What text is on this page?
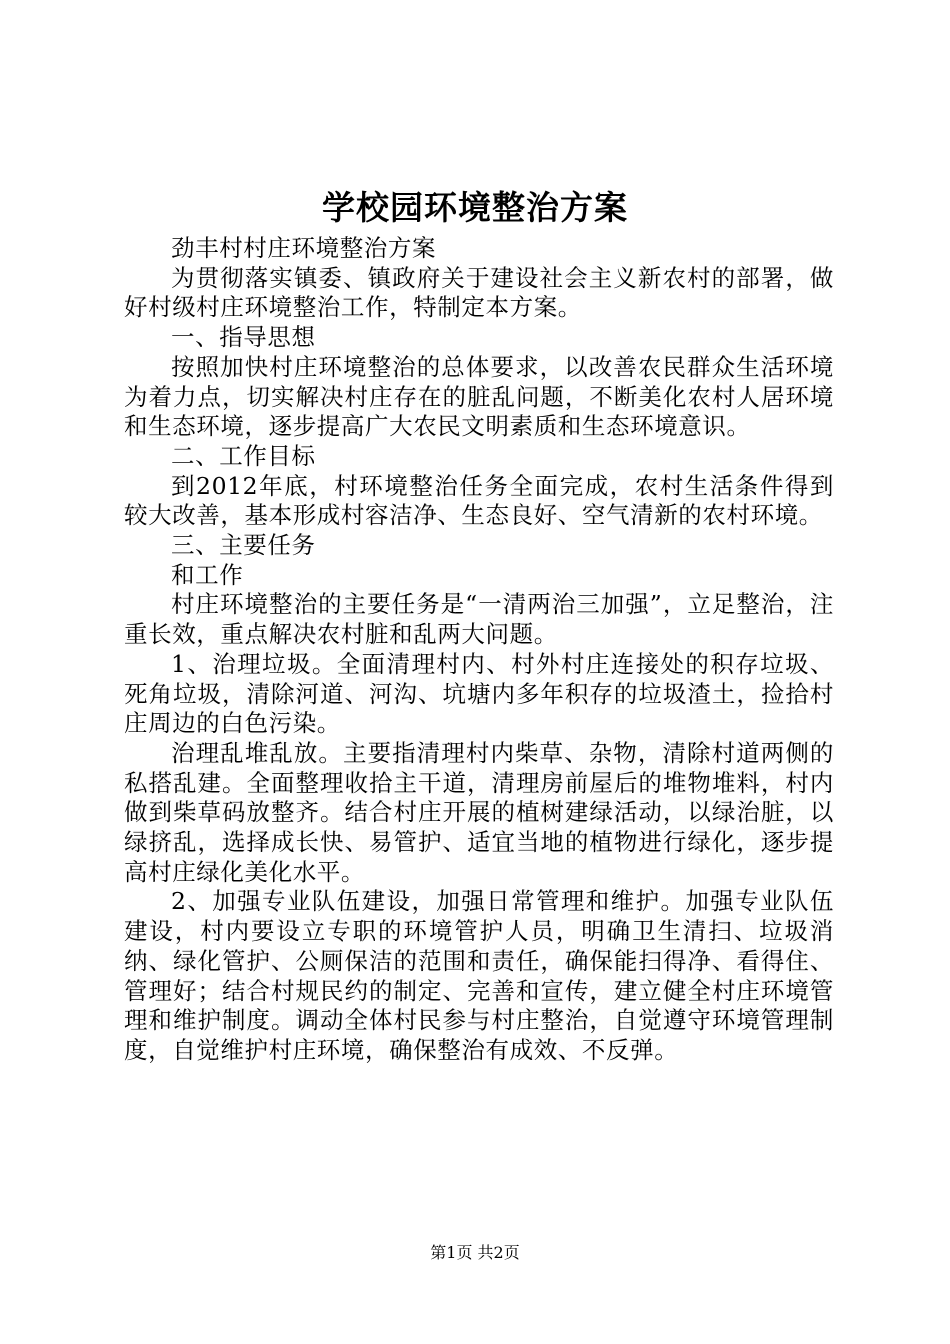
学校园环境整治方案

劲丰村村庄环境整治方案

为贯彻落实镇委、镇政府关于建设社会主义新农村的部署，做好村级村庄环境整治工作，特制定本方案。

一、指导思想

按照加快村庄环境整治的总体要求，以改善农民群众生活环境为着力点，切实解决村庄存在的脏乱问题，不断美化农村人居环境和生态环境，逐步提高广大农民文明素质和生态环境意识。

二、工作目标

到2012年底，村环境整治任务全面完成，农村生活条件得到较大改善，基本形成村容洁净、生态良好、空气清新的农村环境。

三、主要任务

和工作

村庄环境整治的主要任务是“一清两治三加强”，立足整治，注重长效，重点解决农村脏和乱两大问题。

1、治理垃圾。全面清理村内、村外村庄连接处的积存垃圾、死角垃圾，清除河道、河沟、坑塘内多年积存的垃圾渣土，捡拾村庄周边的白色污染。

治理乱堆乱放。主要指清理村内柴草、杂物，清除村道两侧的私搭乱建。全面整理收拾主干道，清理房前屋后的堆物堆料，村内做到柴草码放整齐。结合村庄开展的植树建绿活动，以绿治脏，以绿挤乱，选择成长快、易管护、适宜当地的植物进行绿化，逐步提高村庄绿化美化水平。

2、加强专业队伍建设，加强日常管理和维护。加强专业队伍建设，村内要设立专职的环境管护人员，明确卫生清扫、垃圾消纳、绿化管护、公厕保洁的范围和责任，确保能扫得净、看得住、管理好；结合村规民约的制定、完善和宣传，建立健全村庄环境管理和维护制度。调动全体村民参与村庄整治，自觉遵守环境管理制度，自觉维护村庄环境，确保整治有成效、不反弹。

第1页 共2页
